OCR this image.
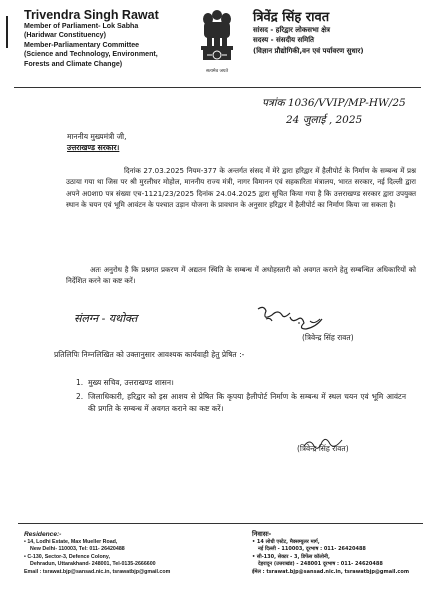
Trivendra Singh Rawat
Member of Parliament- Lok Sabha
(Haridwar Constituency)
Member-Parliamentary Committee
(Science and Technology, Environment,
Forests and Climate Change)
सत्यमेव जयते
त्रिवेंद्र सिंह रावत
सांसद - हरिद्वार लोकसभा क्षेत्र
सदस्य - संसदीय समिति
(विज्ञान प्रौद्योगिकी,वन एवं पर्यावरण सुधार)
पत्रांक 1036/VVIP/MP-HW/25
24 जुलाई , 2025
माननीय मुख्यमंत्री जी,
उत्तराखण्ड सरकार।
दिनांक 27.03.2025 नियम-377 के अन्तर्गत संसद में मेरे द्वारा हरिद्वार में हैलीपोर्ट के निर्माण के सम्बन्ध में प्रश्न उठाया गया था जिस पर श्री मुरलीधर मोहोल, माननीय राज्य मंत्री, नागर विमानन एवं सहकारिता मंत्रालय, भारत सरकार, नई दिल्ली द्वारा अपने अ0शा0 पत्र संख्या एच-1121/23/2025 दिनांक 24.04.2025 द्वारा सूचित किया गया है कि उत्तराखण्ड सरकार द्वारा उपयुक्त स्थान के चयन एवं भूमि आवंटन के पश्चात उड़ान योजना के प्रावधान के अनुसार हरिद्वार में हैलीपोर्ट का निर्माण किया जा सकता है।
अतः अनुरोध है कि प्रश्नगत प्रकरण में अद्यतन स्थिति के सम्बन्ध में अधोहस्तारी को अवगत कराने हेतु सम्बन्धित अधिकारियों को निर्देशित करने का कष्ट करें।
संलग्न - यथोक्त
(त्रिवेन्द्र सिंह रावत)
प्रतिलिपिः निम्नलिखित को उक्तानुसार आवश्यक कार्यवाही हेतु प्रेषित :-
1. मुख्य सचिव, उत्तराखण्ड शासन।
2. जिलाधिकारी, हरिद्वार को इस आशय से प्रेषित कि कृपया हैलीपोर्ट निर्माण के सम्बन्ध में स्थल चयन एवं भूमि आवंटन की प्रगति के सम्बन्ध में अवगत कराने का कष्ट करें।
(त्रिवेन्द्र सिंह रावत)
Residence:-
• 14, Lodhi Estate, Max Mueller Road,
New Delhi- 110003, Tel: 011- 26420488
• C-130, Sector-3, Defence Colony,
Dehradun, Uttarakhand- 248001, Tel-0135-2666600
Email : tsrawat.bjp@sansad.nic.in, tsrawatbjp@gmail.com
निवासः-
• 14 लोधी एस्टेट, मैक्सम्युलर मार्ग,
नई दिल्ली - 110003, दूरभाष : 011- 26420488
• सी-130, सेक्टर - 3, डिफेंस कॉलोनी,
देहरादून (उत्तराखंड) - 248001 दूरभाष : 011- 24620488
ईमेल : tsrawat.bjp@sansad.nic.in, tsrawatbjp@gmail.com
